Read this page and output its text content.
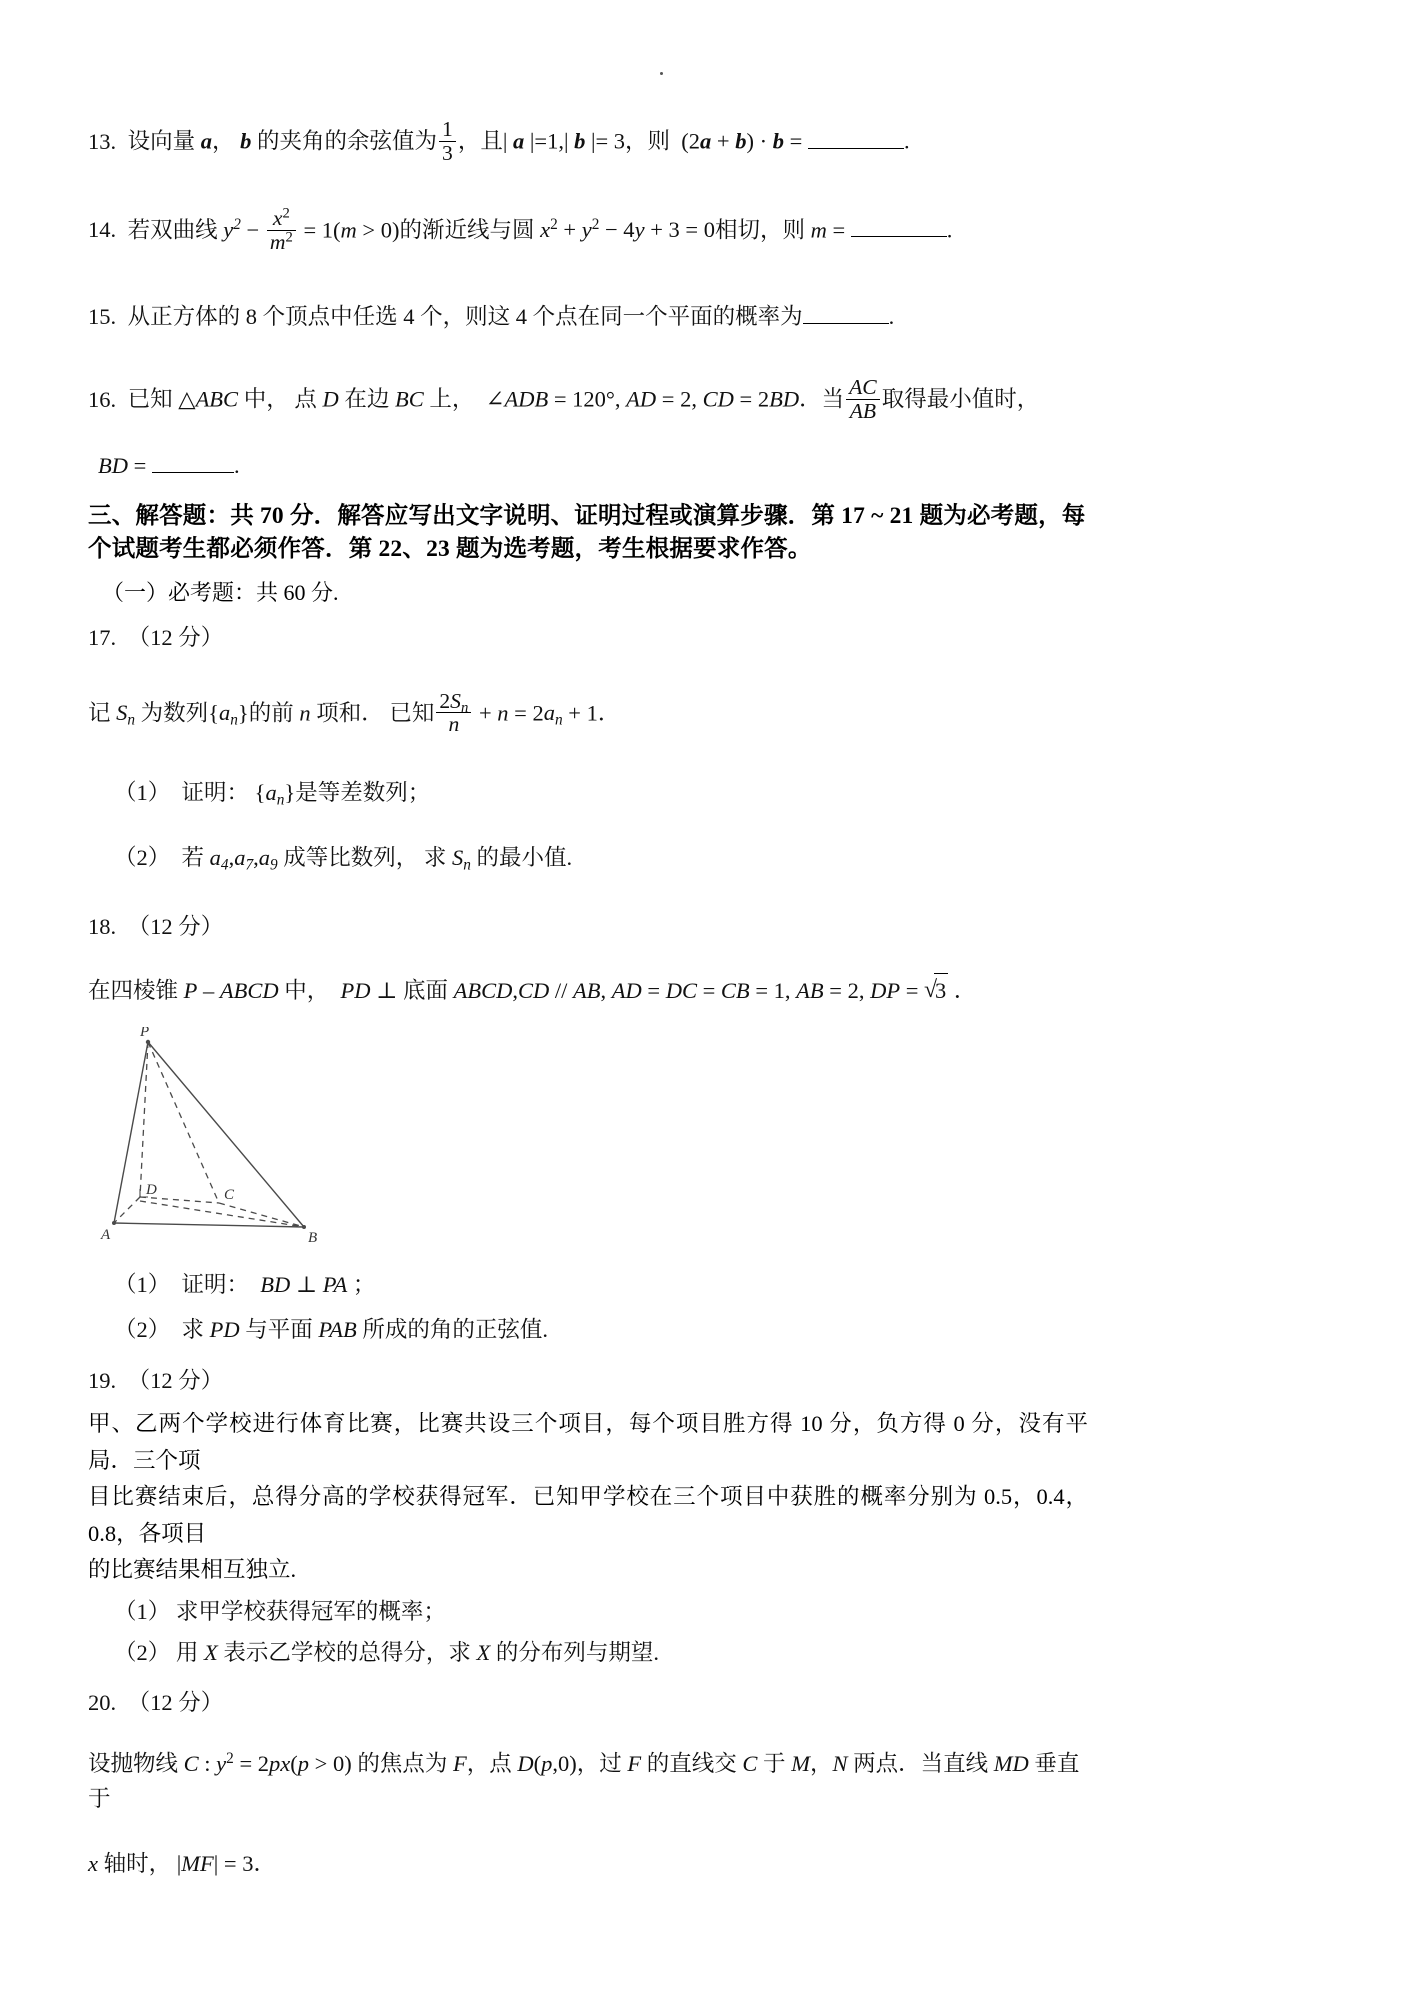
13. 设向量 a， b 的夹角的余弦值为 $\frac{1}{3}$ ，且| a |=1,| b |= 3，则  (2a + b) · b =	.
14. 若双曲线 $y^2 - \frac{x^2}{m^2} = 1(m > 0)$的渐近线与圆 $x^2 + y^2 - 4y + 3 = 0$相切，则 m =	.
15. 从正方体的 8 个顶点中任选 4 个，则这 4 个点在同一个平面的概率为	.
16. 已知 △ABC 中， 点 D 在边 BC 上，  ∠ADB = 120°, AD = 2, CD = 2BD．当 $\frac{AC}{AB}$ 取得最小值时，
BD =	.
三、解答题：共 70 分．解答应写出文字说明、证明过程或演算步骤．第 17 ~ 21 题为必考题，每
个试题考生都必须作答．第 22、23 题为选考题，考生根据要求作答。
（一）必考题：共 60 分.
17. （12 分）
记 $S_n$ 为数列$\{a_n\}$的前 n 项和． 已知 $\frac{2S_n}{n} + n = 2a_n + 1$．
（1）  证明： $\{a_n\}$是等差数列；
（2）  若 $a_4,a_7,a_9$ 成等比数列， 求 $S_n$ 的最小值.
18. （12 分）
在四棱锥 P – ABCD 中，  PD ⊥ 底面 ABCD,CD // AB, AD = DC = CB = 1, AB = 2, DP = √ 3 ．
P
D	C
A	B
（1）  证明：  BD ⊥ PA ；
（2）  求 PD 与平面 PAB 所成的角的正弦值.
19. （12 分）
甲、乙两个学校进行体育比赛，比赛共设三个项目，每个项目胜方得 10 分，负方得 0 分，没有平局．三个项
目比赛结束后，总得分高的学校获得冠军．已知甲学校在三个项目中获胜的概率分别为 0.5，0.4，0.8，各项目
的比赛结果相互独立.
（1） 求甲学校获得冠军的概率；
（2） 用 X 表示乙学校的总得分，求 X 的分布列与期望.
20. （12 分）
设抛物线 C : $y^2 = 2px(p > 0)$ 的焦点为 F，点 D(p,0)，过 F 的直线交 C 于 M，N 两点．当直线 MD 垂直于
x 轴时， |MF| = 3．
